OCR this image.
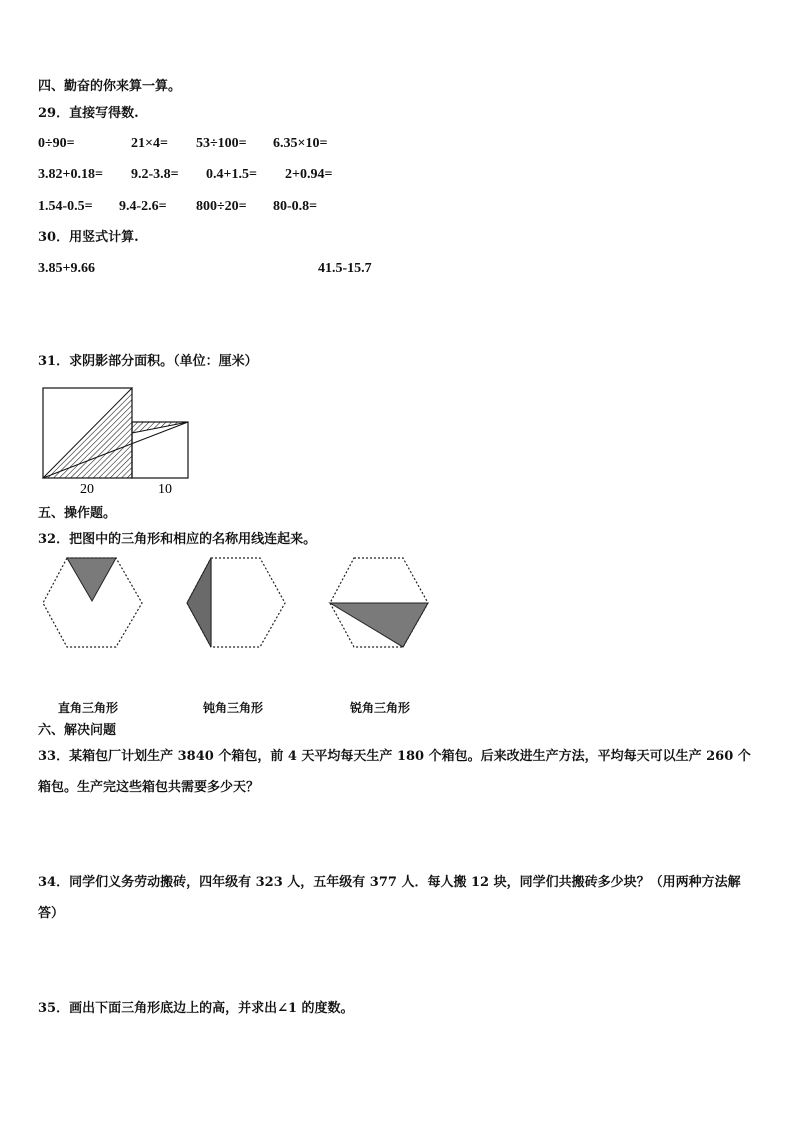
四、勤奋的你来算一算。
29．直接写得数.
0÷90=	21×4= 53÷100= 6.35×10=
3.82+0.18= 9.2-3.8= 0.4+1.5= 2+0.94=
1.54-0.5= 9.4-2.6= 800÷20= 80-0.8=
30．用竖式计算.
3.85+9.66	41.5-15.7
31．求阴影部分面积。（单位：厘米）
20	10
五、操作题。
32．把图中的三角形和相应的名称用线连起来。
直角三角形	钝角三角形	锐角三角形
六、解决问题
33．某箱包厂计划生产 3840 个箱包，前 4 天平均每天生产 180 个箱包。后来改进生产方法，平均每天可以生产 260 个
箱包。生产完这些箱包共需要多少天？
34．同学们义务劳动搬砖，四年级有 323 人，五年级有 377 人．每人搬 12 块，同学们共搬砖多少块？（用两种方法解
答）
35．画出下面三角形底边上的高，并求出∠1 的度数。
